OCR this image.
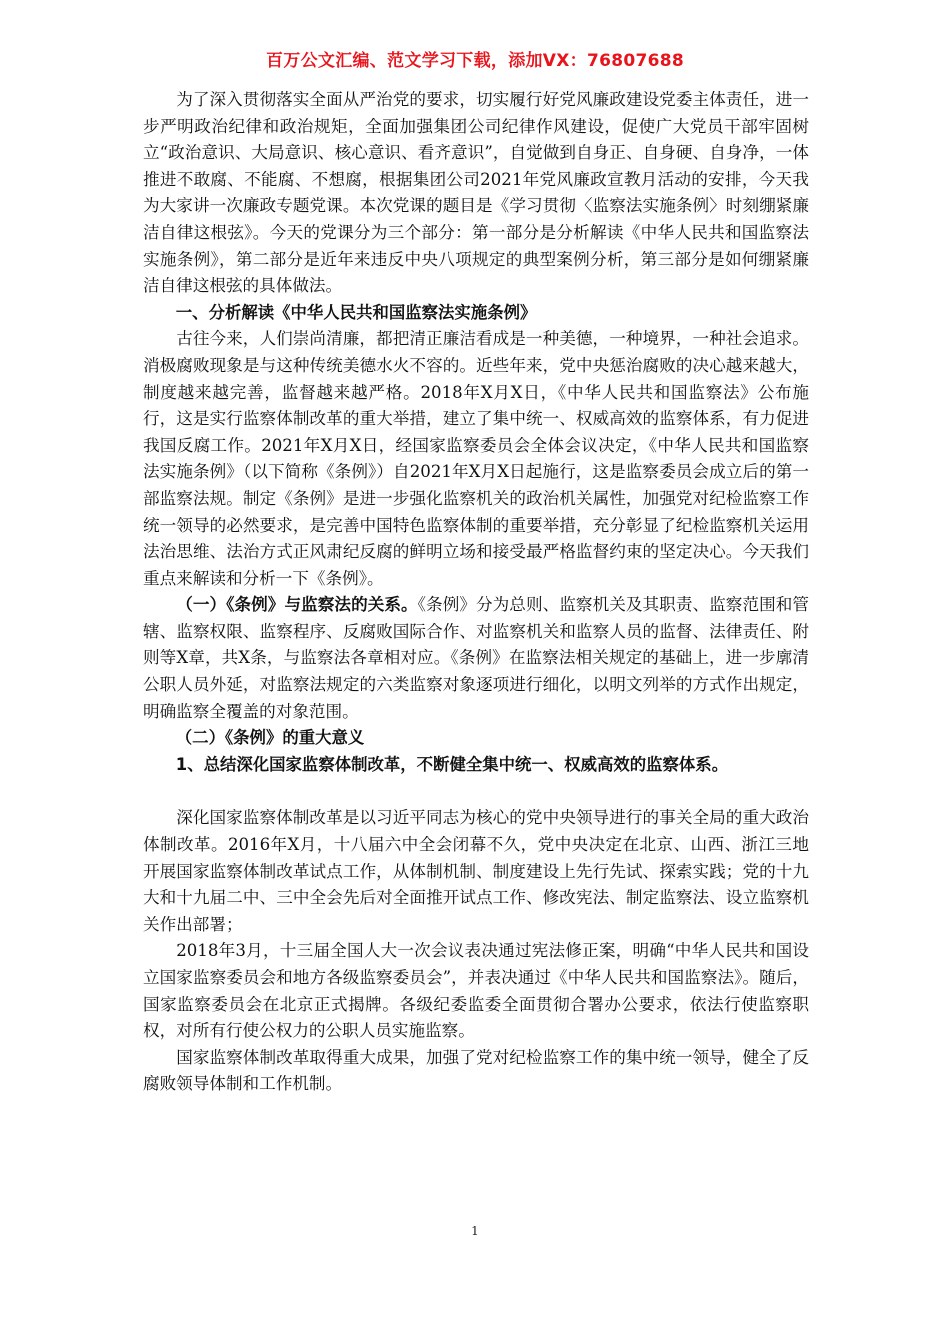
百万公文汇编、范文学习下载，添加VX：76807688

为了深入贯彻落实全面从严治党的要求，切实履行好党风廉政建设党委主体责任，进一步严明政治纪律和政治规矩，全面加强集团公司纪律作风建设，促使广大党员干部牢固树立“政治意识、大局意识、核心意识、看齐意识”，自觉做到自身正、自身硬、自身净，一体推进不敢腐、不能腐、不想腐，根据集团公司2021年党风廉政宣教月活动的安排，今天我为大家讲一次廉政专题党课。本次党课的题目是《学习贯彻〈监察法实施条例〉时刻绷紧廉洁自律这根弦》。今天的党课分为三个部分：第一部分是分析解读《中华人民共和国监察法实施条例》，第二部分是近年来违反中央八项规定的典型案例分析，第三部分是如何绷紧廉洁自律这根弦的具体做法。

一、分析解读《中华人民共和国监察法实施条例》

古往今来，人们崇尚清廉，都把清正廉洁看成是一种美德，一种境界，一种社会追求。消极腐败现象是与这种传统美德水火不容的。近些年来，党中央惩治腐败的决心越来越大，制度越来越完善，监督越来越严格。2018年X月X日，《中华人民共和国监察法》公布施行，这是实行监察体制改革的重大举措，建立了集中统一、权威高效的监察体系，有力促进我国反腐工作。2021年X月X日，经国家监察委员会全体会议决定，《中华人民共和国监察法实施条例》（以下简称《条例》）自2021年X月X日起施行，这是监察委员会成立后的第一部监察法规。制定《条例》是进一步强化监察机关的政治机关属性，加强党对纪检监察工作统一领导的必然要求，是完善中国特色监察体制的重要举措，充分彰显了纪检监察机关运用法治思维、法治方式正风肃纪反腐的鲜明立场和接受最严格监督约束的坚定决心。今天我们重点来解读和分析一下《条例》。

（一）《条例》与监察法的关系。《条例》分为总则、监察机关及其职责、监察范围和管辖、监察权限、监察程序、反腐败国际合作、对监察机关和监察人员的监督、法律责任、附则等X章，共X条，与监察法各章相对应。《条例》在监察法相关规定的基础上，进一步廓清公职人员外延，对监察法规定的六类监察对象逐项进行细化，以明文列举的方式作出规定，明确监察全覆盖的对象范围。

（二）《条例》的重大意义

1、总结深化国家监察体制改革，不断健全集中统一、权威高效的监察体系。

深化国家监察体制改革是以习近平同志为核心的党中央领导进行的事关全局的重大政治体制改革。2016年X月，十八届六中全会闭幕不久，党中央决定在北京、山西、浙江三地开展国家监察体制改革试点工作，从体制机制、制度建设上先行先试、探索实践；党的十九大和十九届二中、三中全会先后对全面推开试点工作、修改宪法、制定监察法、设立监察机关作出部署；

2018年3月，十三届全国人大一次会议表决通过宪法修正案，明确“中华人民共和国设立国家监察委员会和地方各级监察委员会”，并表决通过《中华人民共和国监察法》。随后，国家监察委员会在北京正式揭牌。各级纪委监委全面贯彻合署办公要求，依法行使监察职权，对所有行使公权力的公职人员实施监察。

国家监察体制改革取得重大成果，加强了党对纪检监察工作的集中统一领导，健全了反腐败领导体制和工作机制。

1
